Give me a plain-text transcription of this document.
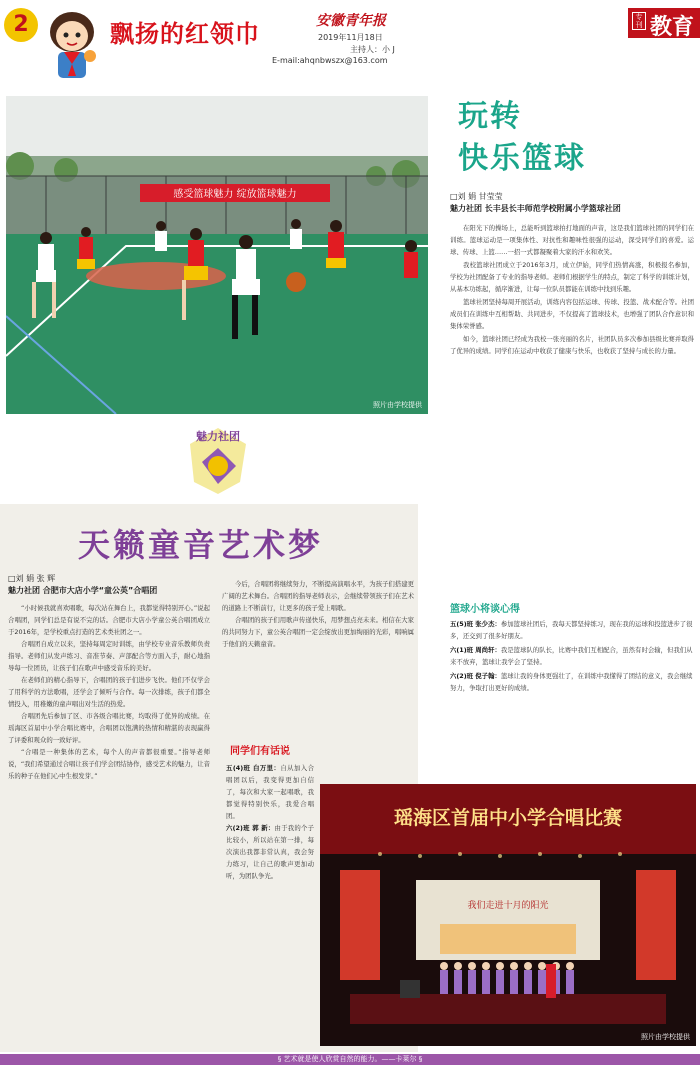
2	飘扬的红领巾	安徽青年报
2019年11月18日
主持人：小 J
E-mail:ahqnbwszx@163.com
专刊 教育
感受篮球魅力 绽放篮球魅力
照片由学校提供
玩转
快乐篮球
□刘 娟 甘莹莹
魅力社团 长丰县长丰师范学校附属小学篮球社团

在阳光下的操场上，总能听到篮球拍打地面的声音，这是我们篮球社团的同学们在训练。篮球运动是一项集体性、对抗性和趣味性很强的运动，深受同学们的喜爱。运球、传球、上篮……一招一式都凝聚着大家的汗水和欢笑。

我校篮球社团成立于2016年3月，成立伊始，同学们热情高涨，积极报名参加，学校为社团配备了专业的指导老师。老师们根据学生的特点，制定了科学的训练计划，从基本功练起，循序渐进，让每一位队员都能在训练中找到乐趣。

篮球社团坚持每周开展活动，训练内容包括运球、传球、投篮、战术配合等。社团成员们在训练中互相帮助、共同进步，不仅提高了篮球技术，也增强了团队合作意识和集体荣誉感。

如今，篮球社团已经成为我校一张亮丽的名片，社团队员多次参加县级比赛并取得了优异的成绩。同学们在运动中收获了健康与快乐，也收获了坚持与成长的力量。

篮球小将谈心得

五(5)班 张少杰：参加篮球社团后，我每天都坚持练习，现在我的运球和投篮进步了很多，还交到了很多好朋友。

六(1)班 周尚轩：我是篮球队的队长，比赛中我们互相配合，虽然有时会输，但我们从来不放弃，篮球让我学会了坚持。

六(2)班 倪子翰：篮球让我的身体更强壮了，在训练中我懂得了团结的意义，我会继续努力，争取打出更好的成绩。

魅力社团
天籁童音艺术梦
□刘 娟 张 辉
魅力社团 合肥市大店小学“童公英”合唱团

“小时候我就喜欢唱歌，每次站在舞台上，我都觉得特别开心。”说起合唱团，同学们总是有说不完的话。合肥市大店小学童公英合唱团成立于2016年，是学校重点打造的艺术类社团之一。

合唱团自成立以来，坚持每周定时训练，由学校专业音乐教师负责指导。老师们从发声练习、音准节奏、声部配合等方面入手，耐心地指导每一位团员，让孩子们在歌声中感受音乐的美好。

在老师们的精心指导下，合唱团的孩子们进步飞快。他们不仅学会了用科学的方法歌唱，还学会了倾听与合作。每一次排练，孩子们都全情投入，用稚嫩的童声唱出对生活的热爱。

合唱团先后参加了区、市各级合唱比赛，均取得了优异的成绩。在瑶海区首届中小学合唱比赛中，合唱团以饱满的热情和精湛的表现赢得了评委和观众的一致好评。

“合唱是一种集体的艺术，每个人的声音都很重要。”指导老师说，“我们希望通过合唱让孩子们学会团结协作，感受艺术的魅力，让音乐的种子在他们心中生根发芽。”

今后，合唱团将继续努力，不断提高演唱水平，为孩子们搭建更广阔的艺术舞台。合唱团的指导老师表示，会继续带领孩子们在艺术的道路上不断前行，让更多的孩子爱上唱歌。

合唱团的孩子们用歌声传递快乐，用梦想点亮未来。相信在大家的共同努力下，童公英合唱团一定会绽放出更加绚丽的光彩，唱响属于他们的天籁童音。

同学们有话说

五(4)班 白万里：自从加入合唱团以后，我变得更加自信了，每次和大家一起唱歌，我都觉得特别快乐，我爱合唱团。

六(2)班 郭 新：由于我的个子比较小，所以站在第一排，每次演出我都非常认真，我会努力练习，让自己的歌声更加动听，为团队争光。

瑶海区首届中小学合唱比赛
我们走进十月的阳光
照片由学校提供
§ 艺术就是使人欣赏自然的能力。——卡莱尔 §
